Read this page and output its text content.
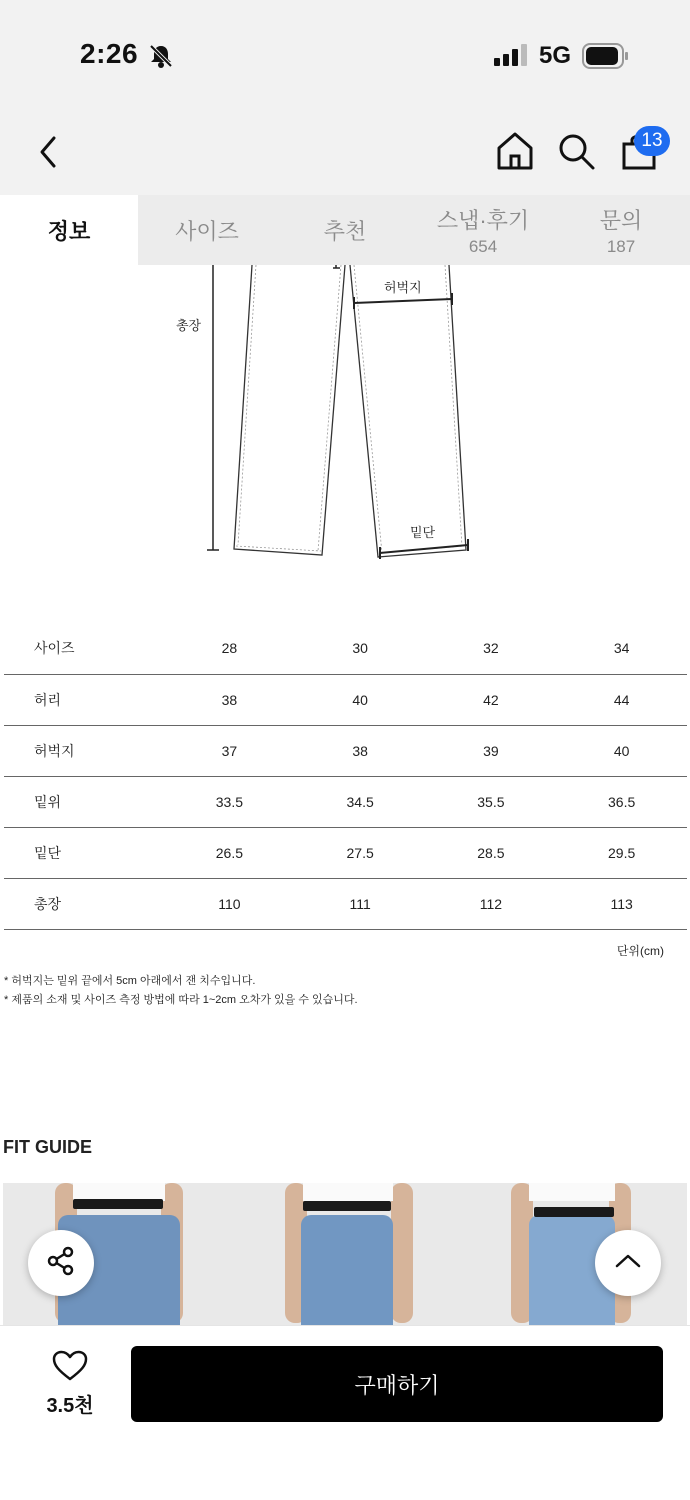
2:26	5G
13
정보	사이즈	추천	스냅·후기
654
문의
187
총장
허벅지
밑단
사이즈	28	30	32	34
허리	38	40	42	44
허벅지	37	38	39	40
밑위	33.5	34.5	35.5	36.5
밑단	26.5	27.5	28.5	29.5
총장	110	111	112	113
단위(cm)

* 허벅지는 밑위 끝에서 5cm 아래에서 잰 치수입니다.

* 제품의 소재 및 사이즈 측정 방법에 따라 1~2cm 오차가 있을 수 있습니다.

FIT GUIDE
3.5천
구매하기
